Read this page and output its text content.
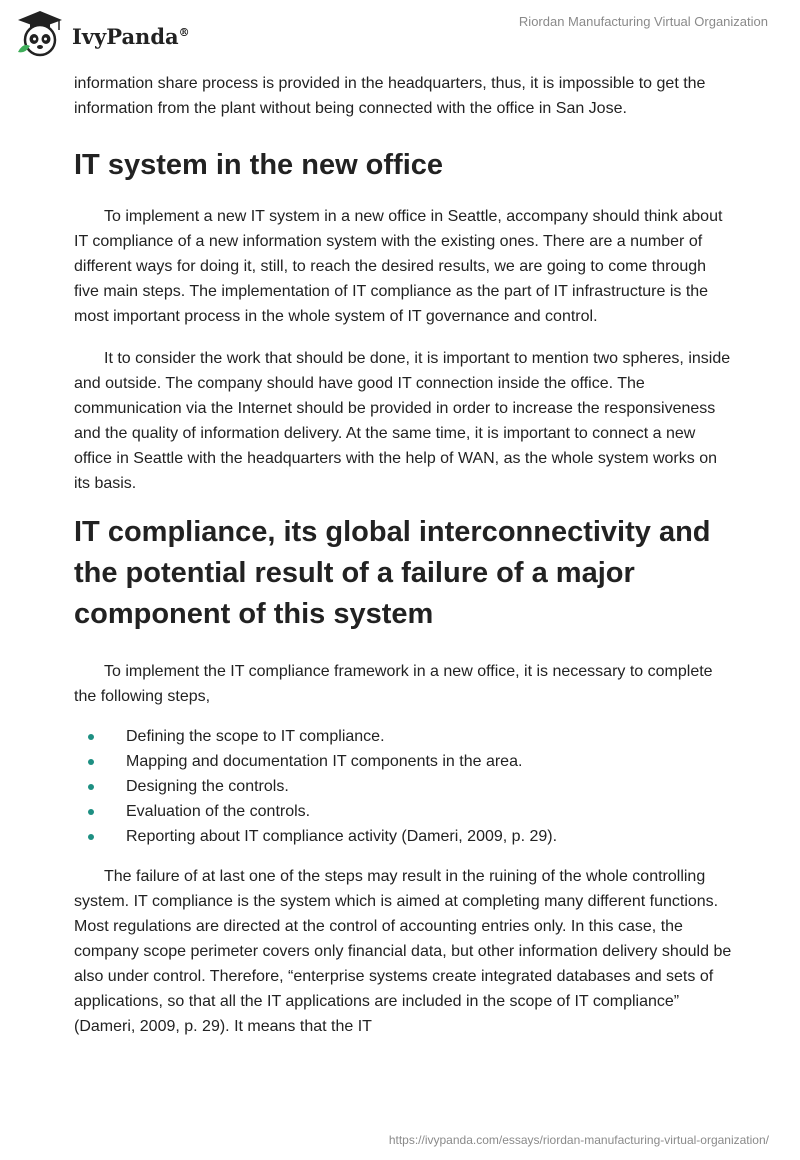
IvyPanda®
Riordan Manufacturing Virtual Organization

information share process is provided in the headquarters, thus, it is impossible to get the information from the plant without being connected with the office in San Jose.

IT system in the new office

To implement a new IT system in a new office in Seattle, accompany should think about IT compliance of a new information system with the existing ones. There are a number of different ways for doing it, still, to reach the desired results, we are going to come through five main steps. The implementation of IT compliance as the part of IT infrastructure is the most important process in the whole system of IT governance and control.

It to consider the work that should be done, it is important to mention two spheres, inside and outside. The company should have good IT connection inside the office. The communication via the Internet should be provided in order to increase the responsiveness and the quality of information delivery. At the same time, it is important to connect a new office in Seattle with the headquarters with the help of WAN, as the whole system works on its basis.

IT compliance, its global interconnectivity and the potential result of a failure of a major component of this system

To implement the IT compliance framework in a new office, it is necessary to complete the following steps,

Defining the scope to IT compliance.
Mapping and documentation IT components in the area.
Designing the controls.
Evaluation of the controls.
Reporting about IT compliance activity (Dameri, 2009, p. 29).

The failure of at last one of the steps may result in the ruining of the whole controlling system. IT compliance is the system which is aimed at completing many different functions. Most regulations are directed at the control of accounting entries only. In this case, the company scope perimeter covers only financial data, but other information delivery should be also under control. Therefore, “enterprise systems create integrated databases and sets of applications, so that all the IT applications are included in the scope of IT compliance” (Dameri, 2009, p. 29). It means that the IT

https://ivypanda.com/essays/riordan-manufacturing-virtual-organization/
